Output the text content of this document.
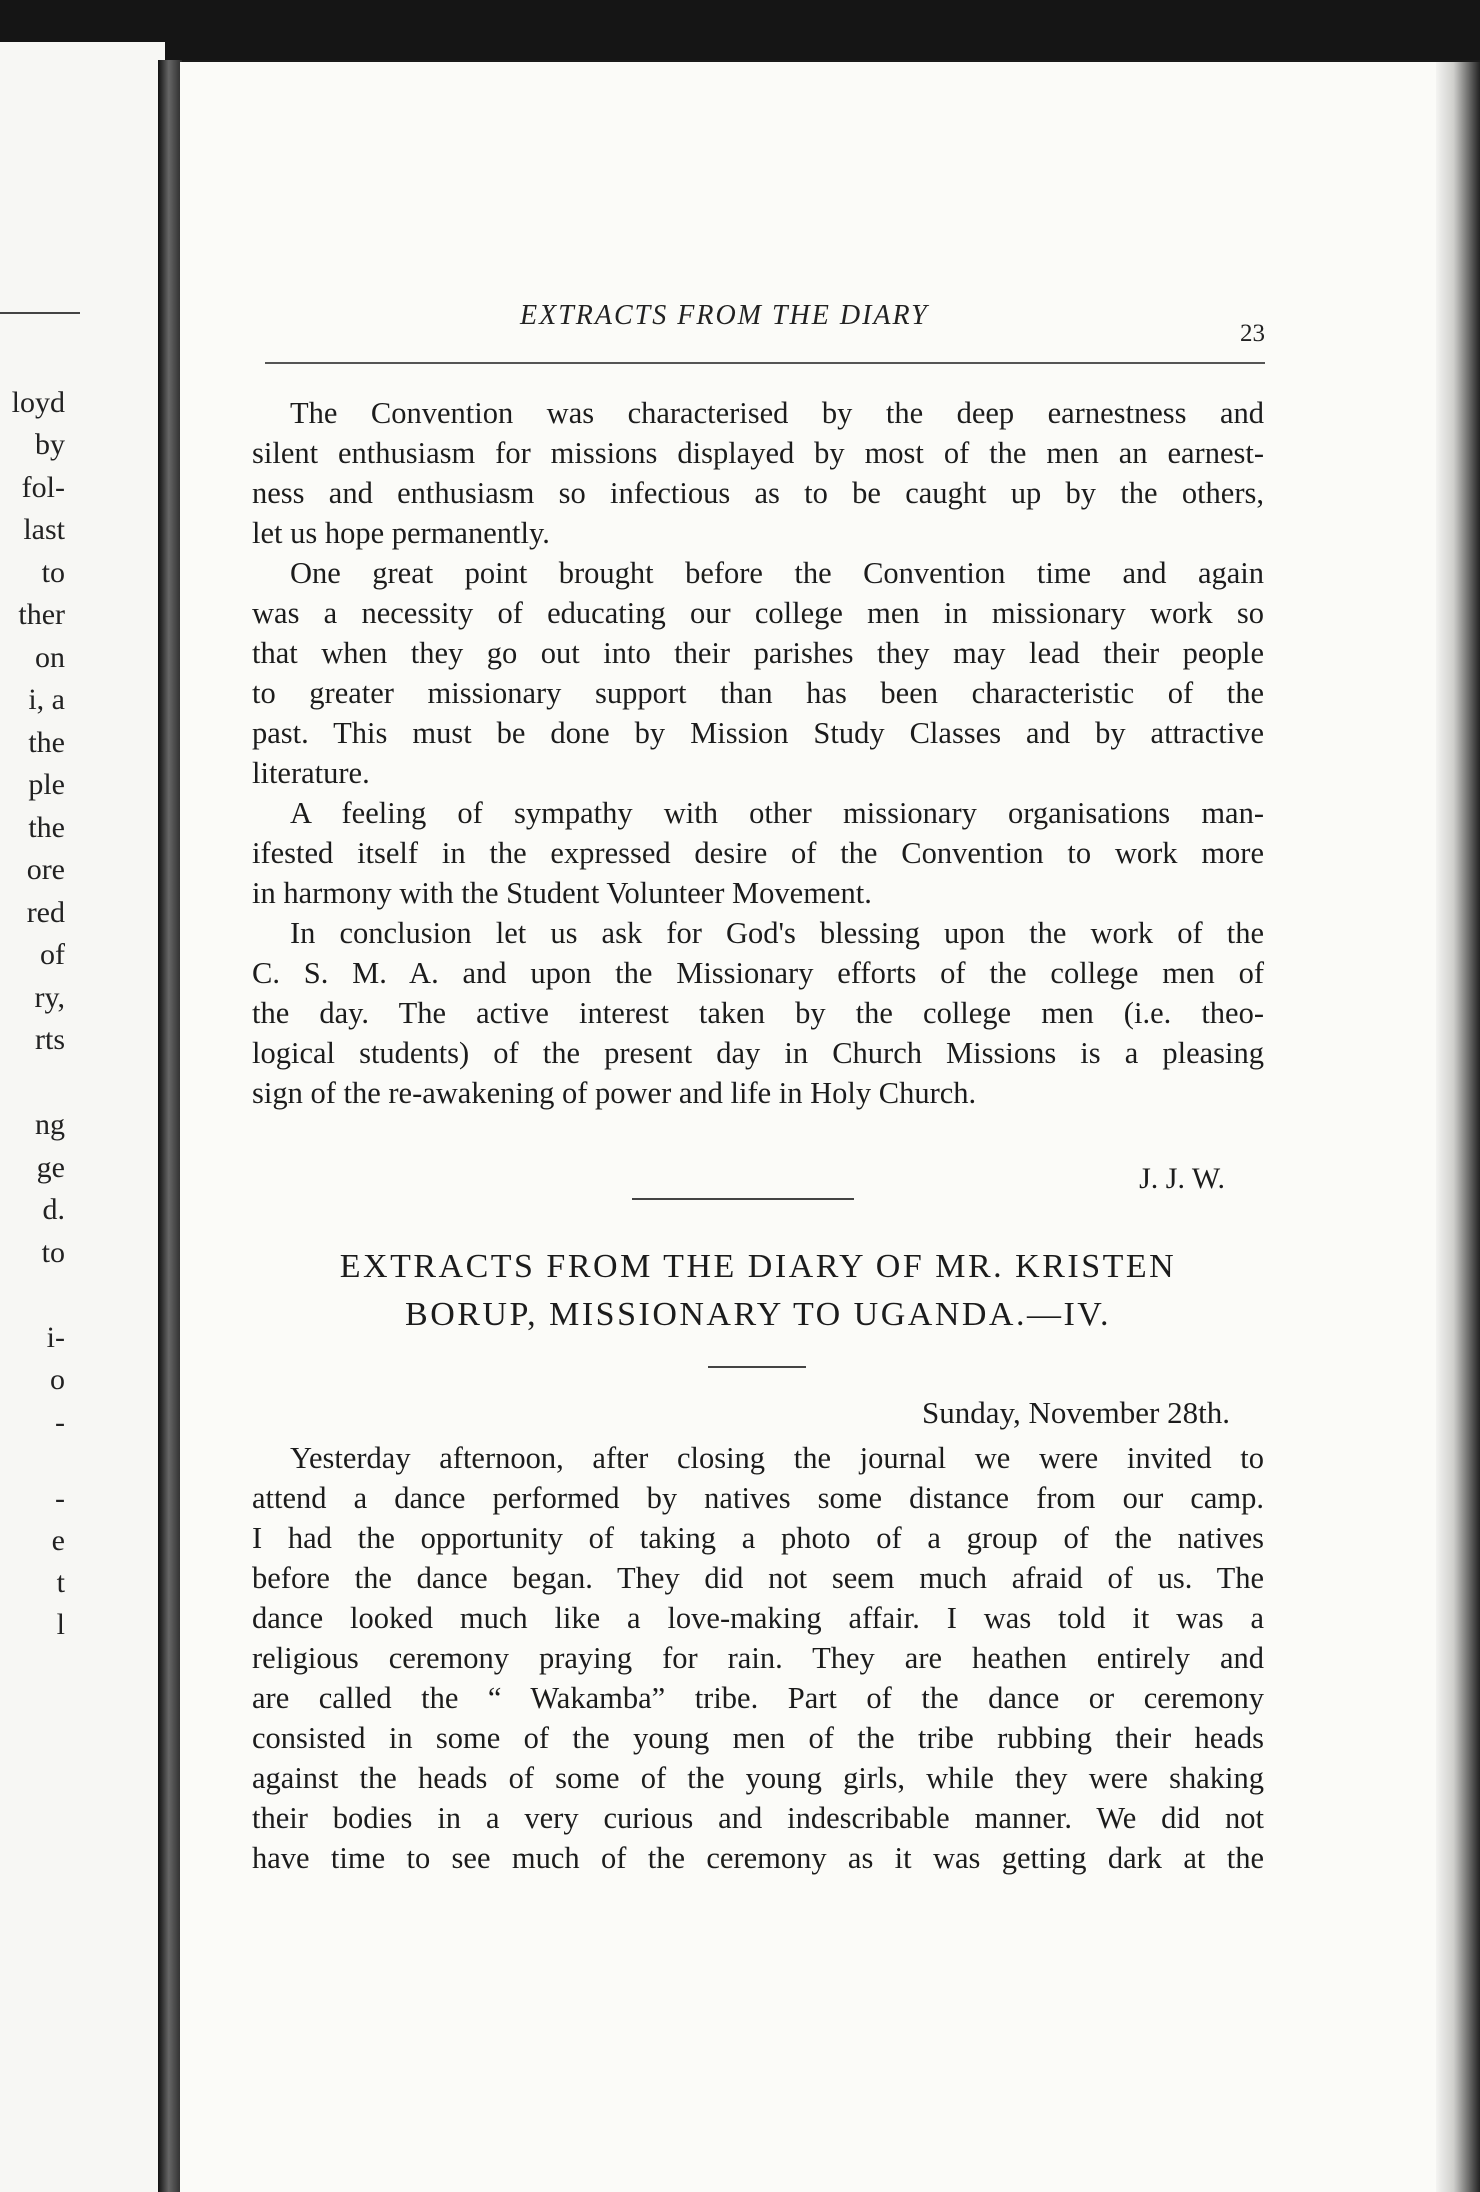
loyd
by
fol-
last
to
ther
on
i, a
the
ple
the
ore
red
of
ry,
rts
ng
ge
d.
to
i-
o
-
-
e
t
l
EXTRACTS FROM THE DIARY
23
The Convention was characterised by the deep earnestness and
silent enthusiasm for missions displayed by most of the men an earnest-
ness and enthusiasm so infectious as to be caught up by the others,
let us hope permanently.
One great point brought before the Convention time and again
was a necessity of educating our college men in missionary work so
that when they go out into their parishes they may lead their people
to greater missionary support than has been characteristic of the
past. This must be done by Mission Study Classes and by attractive
literature.
A feeling of sympathy with other missionary organisations man-
ifested itself in the expressed desire of the Convention to work more
in harmony with the Student Volunteer Movement.
In conclusion let us ask for God's blessing upon the work of the
C. S. M. A. and upon the Missionary efforts of the college men of
the day. The active interest taken by the college men (i.e. theo-
logical students) of the present day in Church Missions is a pleasing
sign of the re-awakening of power and life in Holy Church.
J. J. W.
EXTRACTS FROM THE DIARY OF MR. KRISTEN
BORUP, MISSIONARY TO UGANDA.—IV.
Sunday, November 28th.
Yesterday afternoon, after closing the journal we were invited to
attend a dance performed by natives some distance from our camp.
I had the opportunity of taking a photo of a group of the natives
before the dance began. They did not seem much afraid of us. The
dance looked much like a love-making affair. I was told it was a
religious ceremony praying for rain. They are heathen entirely and
are called the “ Wakamba” tribe. Part of the dance or ceremony
consisted in some of the young men of the tribe rubbing their heads
against the heads of some of the young girls, while they were shaking
their bodies in a very curious and indescribable manner. We did not
have time to see much of the ceremony as it was getting dark at the
